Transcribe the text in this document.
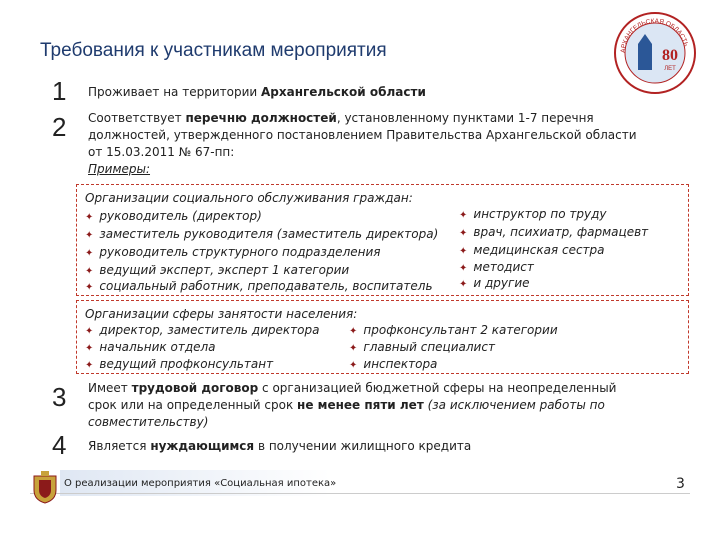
Требования к участникам мероприятия	80
ЛЕТ
АРХАНГЕЛЬСКАЯ ОБЛАСТЬ
1 Проживает на территории Архангельской области
2 Соответствует перечню должностей, установленному пунктами 1-7 перечня
должностей, утвержденного постановлением Правительства Архангельской области
от 15.03.2011 № 67-пп:
Примеры:
Организации социального обслуживания граждан:
✦ руководитель (директор)
✦ заместитель руководителя (заместитель директора)
✦ руководитель структурного подразделения
✦ ведущий эксперт, эксперт 1 категории
✦ социальный работник, преподаватель, воспитатель
✦ инструктор по труду
✦ врач, психиатр, фармацевт
✦ медицинская сестра
✦ методист
✦ и другие
Организации сферы занятости населения:
✦ директор, заместитель директора
✦ начальник отдела
✦ ведущий профконсультант
✦ профконсультант 2 категории
✦ главный специалист
✦ инспектора
3 Имеет трудовой договор с организацией бюджетной сферы на неопределенный
срок или на определенный срок не менее пяти лет (за исключением работы по
совместительству)
4 Является нуждающимся в получении жилищного кредита
О реализации мероприятия «Социальная ипотека»	3
